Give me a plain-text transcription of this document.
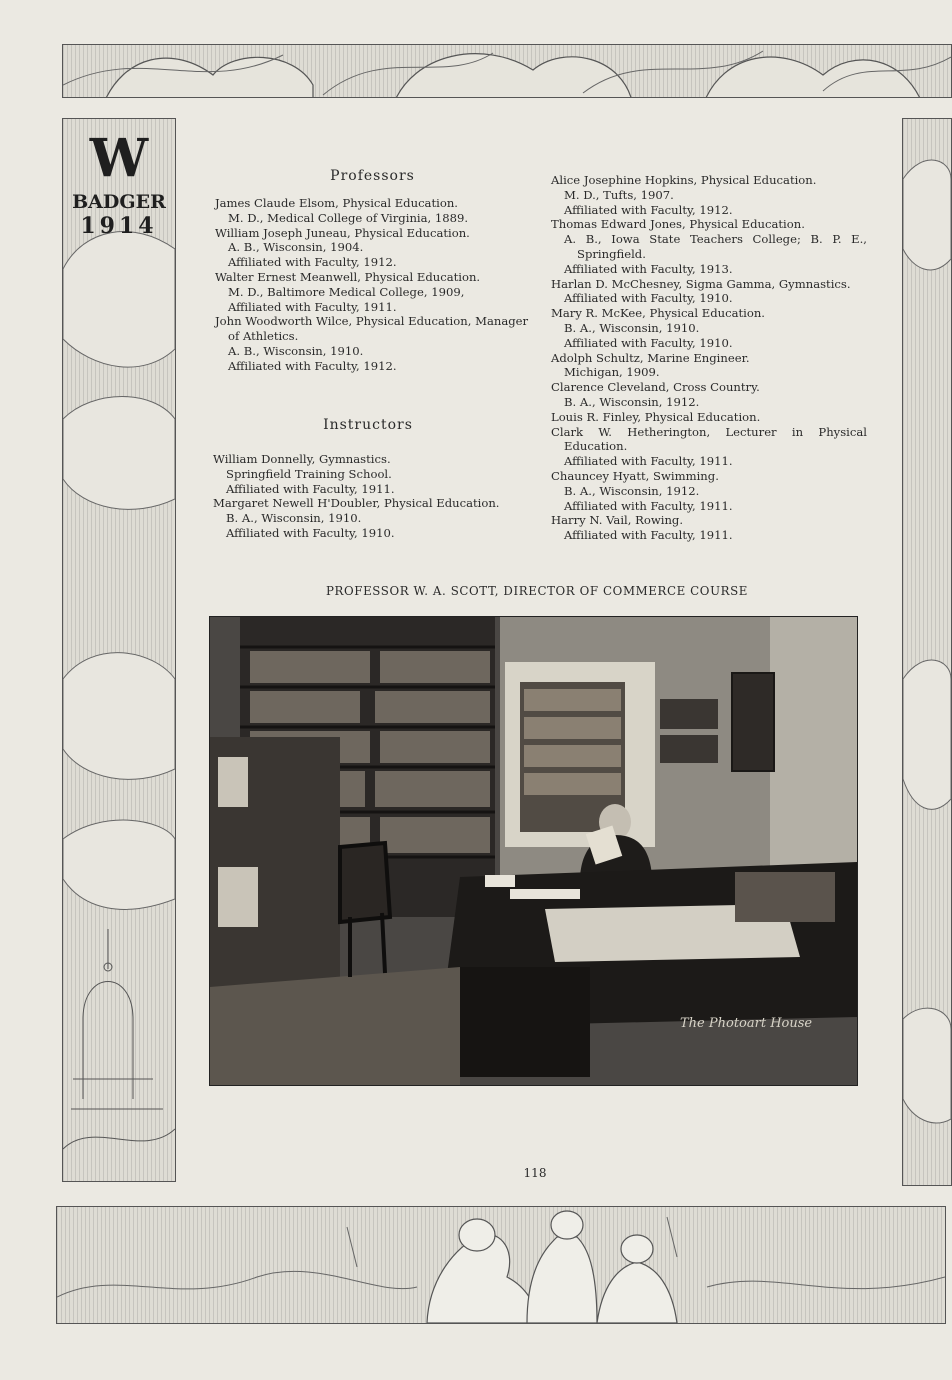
W
BADGER
1914
Professors

James Claude Elsom, Physical Education.

M. D., Medical College of Virginia, 1889.

William Joseph Juneau, Physical Education.

A. B., Wisconsin, 1904.

Affiliated with Faculty, 1912.

Walter Ernest Meanwell, Physical Education.

M. D., Baltimore Medical College, 1909,

Affiliated with Faculty, 1911.

John Woodworth Wilce, Physical Education, Manager of Athletics.

A. B., Wisconsin, 1910.

Affiliated with Faculty, 1912.

Instructors

William Donnelly, Gymnastics.

Springfield Training School.

Affiliated with Faculty, 1911.

Margaret Newell H'Doubler, Physical Education.

B. A., Wisconsin, 1910.

Affiliated with Faculty, 1910.

Alice Josephine Hopkins, Physical Education.

M. D., Tufts, 1907.

Affiliated with Faculty, 1912.

Thomas Edward Jones, Physical Education.

A. B., Iowa State Teachers College; B. P. E., Springfield.

Affiliated with Faculty, 1913.

Harlan D. McChesney, Sigma Gamma, Gymnastics.

Affiliated with Faculty, 1910.

Mary R. McKee, Physical Education.

B. A., Wisconsin, 1910.

Affiliated with Faculty, 1910.

Adolph Schultz, Marine Engineer.

Michigan, 1909.

Clarence Cleveland, Cross Country.

B. A., Wisconsin, 1912.

Louis R. Finley, Physical Education.

Clark W. Hetherington, Lecturer in Physical Education.

Affiliated with Faculty, 1911.

Chauncey Hyatt, Swimming.

B. A., Wisconsin, 1912.

Affiliated with Faculty, 1911.

Harry N. Vail, Rowing.

Affiliated with Faculty, 1911.

PROFESSOR W. A. SCOTT, DIRECTOR OF COMMERCE COURSE
The Photoart House
118
